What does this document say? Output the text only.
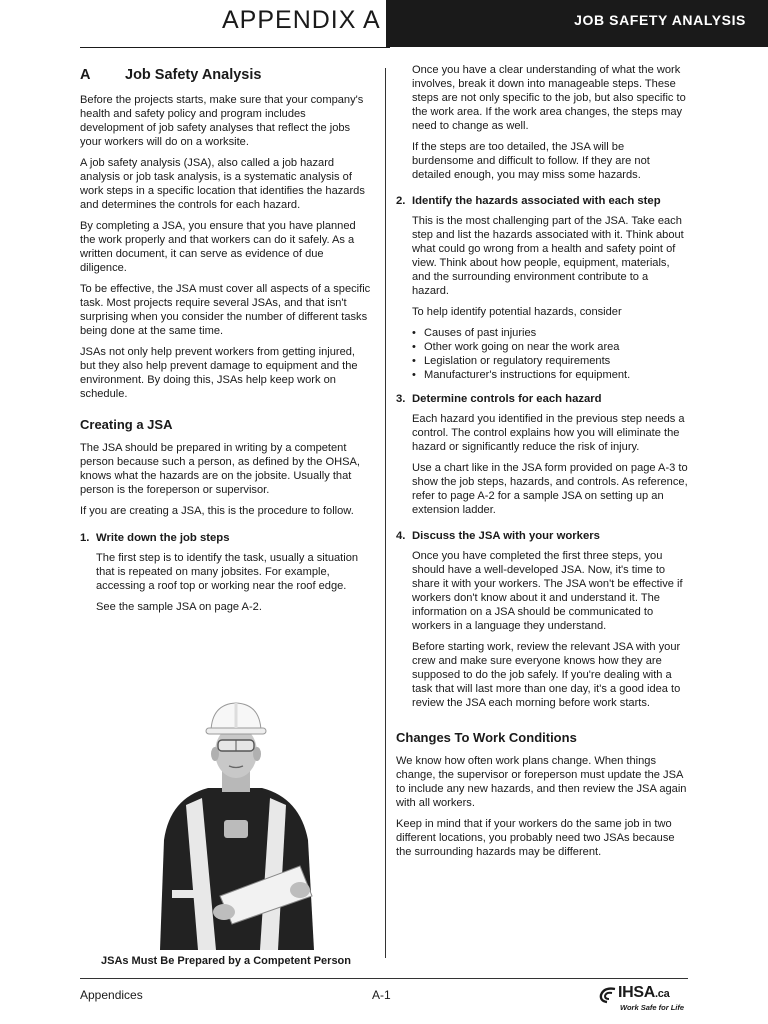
APPENDIX A	JOB SAFETY ANALYSIS
A Job Safety Analysis

Before the projects starts, make sure that your company's health and safety policy and program includes development of job safety analyses that reflect the jobs your workers will do on a worksite.

A job safety analysis (JSA), also called a job hazard analysis or job task analysis, is a systematic analysis of work steps in a specific location that identifies the hazards and determines the controls for each hazard.

By completing a JSA, you ensure that you have planned the work properly and that workers can do it safely. As a written document, it can serve as evidence of due diligence.

To be effective, the JSA must cover all aspects of a specific task. Most projects require several JSAs, and that isn't surprising when you consider the number of different tasks being done at the same time.

JSAs not only help prevent workers from getting injured, but they also help prevent damage to equipment and the environment. By doing this, JSAs help keep work on schedule.

Creating a JSA

The JSA should be prepared in writing by a competent person because such a person, as defined by the OHSA, knows what the hazards are on the jobsite. Usually that person is the foreperson or supervisor.

If you are creating a JSA, this is the procedure to follow.

1. Write down the job steps

The first step is to identify the task, usually a situation that is repeated on many jobsites. For example, accessing a roof top or working near the roof edge.

See the sample JSA on page A-2.

JSAs Must Be Prepared by a Competent Person

Once you have a clear understanding of what the work involves, break it down into manageable steps. These steps are not only specific to the job, but also specific to the work area. If the work area changes, the steps may need to change as well.

If the steps are too detailed, the JSA will be burdensome and difficult to follow. If they are not detailed enough, you may miss some hazards.

2. Identify the hazards associated with each step

This is the most challenging part of the JSA. Take each step and list the hazards associated with it. Think about what could go wrong from a health and safety point of view. Think about how people, equipment, materials, and the surrounding environment contribute to a hazard.

To help identify potential hazards, consider

• Causes of past injuries
• Other work going on near the work area
• Legislation or regulatory requirements
• Manufacturer's instructions for equipment.
3. Determine controls for each hazard

Each hazard you identified in the previous step needs a control. The control explains how you will eliminate the hazard or significantly reduce the risk of injury.

Use a chart like in the JSA form provided on page A-3 to show the job steps, hazards, and controls. As reference, refer to page A-2 for a sample JSA on setting up an extension ladder.

4. Discuss the JSA with your workers

Once you have completed the first three steps, you should have a well-developed JSA. Now, it's time to share it with your workers. The JSA won't be effective if workers don't know about it and understand it. The information on a JSA should be communicated to workers in a language they understand.

Before starting work, review the relevant JSA with your crew and make sure everyone knows how they are supposed to do the job safely. If you're dealing with a task that will last more than one day, it's a good idea to review the JSA each morning before work starts.

Changes To Work Conditions

We know how often work plans change. When things change, the supervisor or foreperson must update the JSA to include any new hazards, and then review the JSA again with all workers.

Keep in mind that if your workers do the same job in two different locations, you probably need two JSAs because the surrounding hazards may be different.

Appendices	A-1	IHSA.ca
Work Safe for Life
